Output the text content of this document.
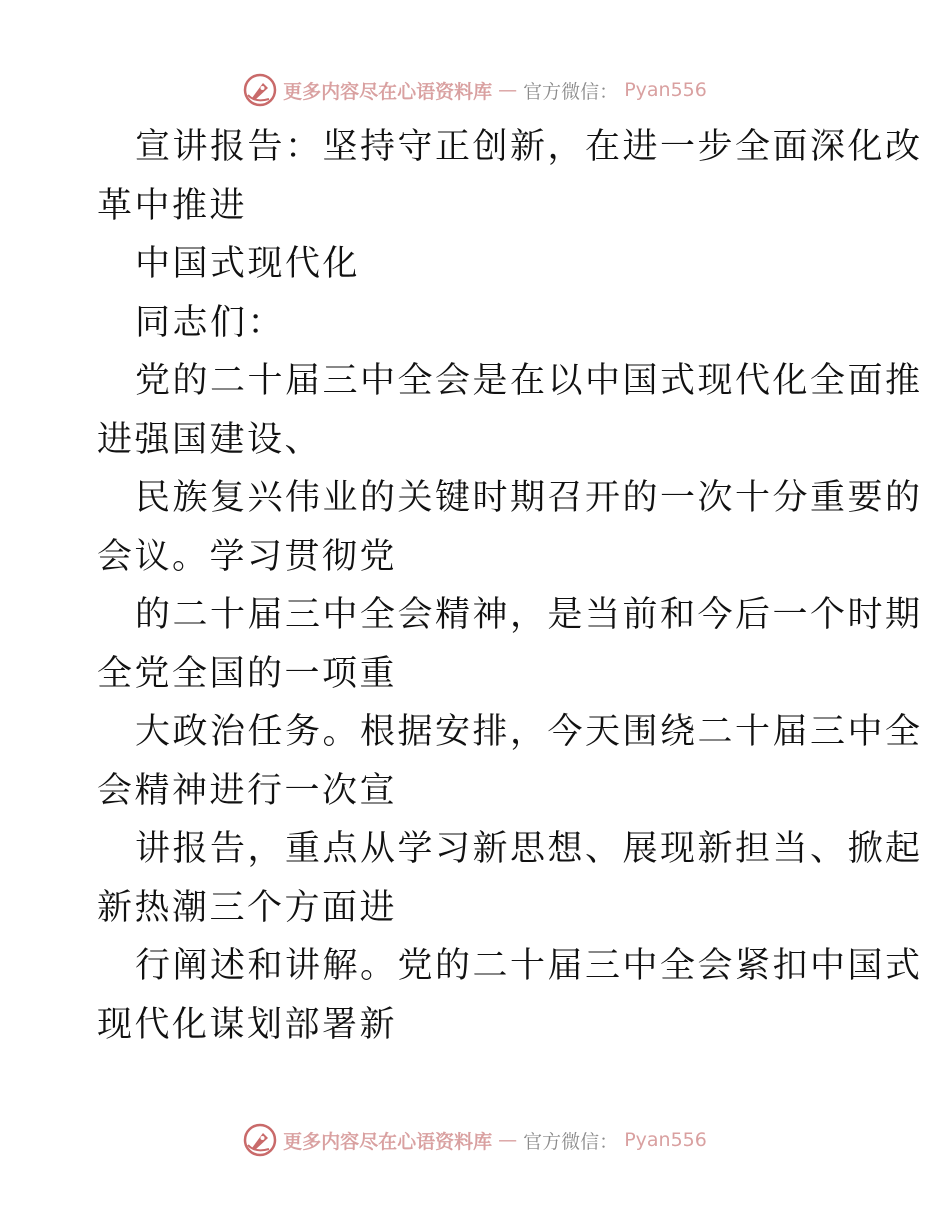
更多内容尽在心语资料库 — 官方微信： Pyan556
宣讲报告：坚持守正创新，在进一步全面深化改
革中推进
中国式现代化
同志们：
党的二十届三中全会是在以中国式现代化全面推
进强国建设、
民族复兴伟业的关键时期召开的一次十分重要的
会议。学习贯彻党
的二十届三中全会精神，是当前和今后一个时期
全党全国的一项重
大政治任务。根据安排，今天围绕二十届三中全
会精神进行一次宣
讲报告，重点从学习新思想、展现新担当、掀起
新热潮三个方面进
行阐述和讲解。党的二十届三中全会紧扣中国式
现代化谋划部署新
更多内容尽在心语资料库 — 官方微信： Pyan556
